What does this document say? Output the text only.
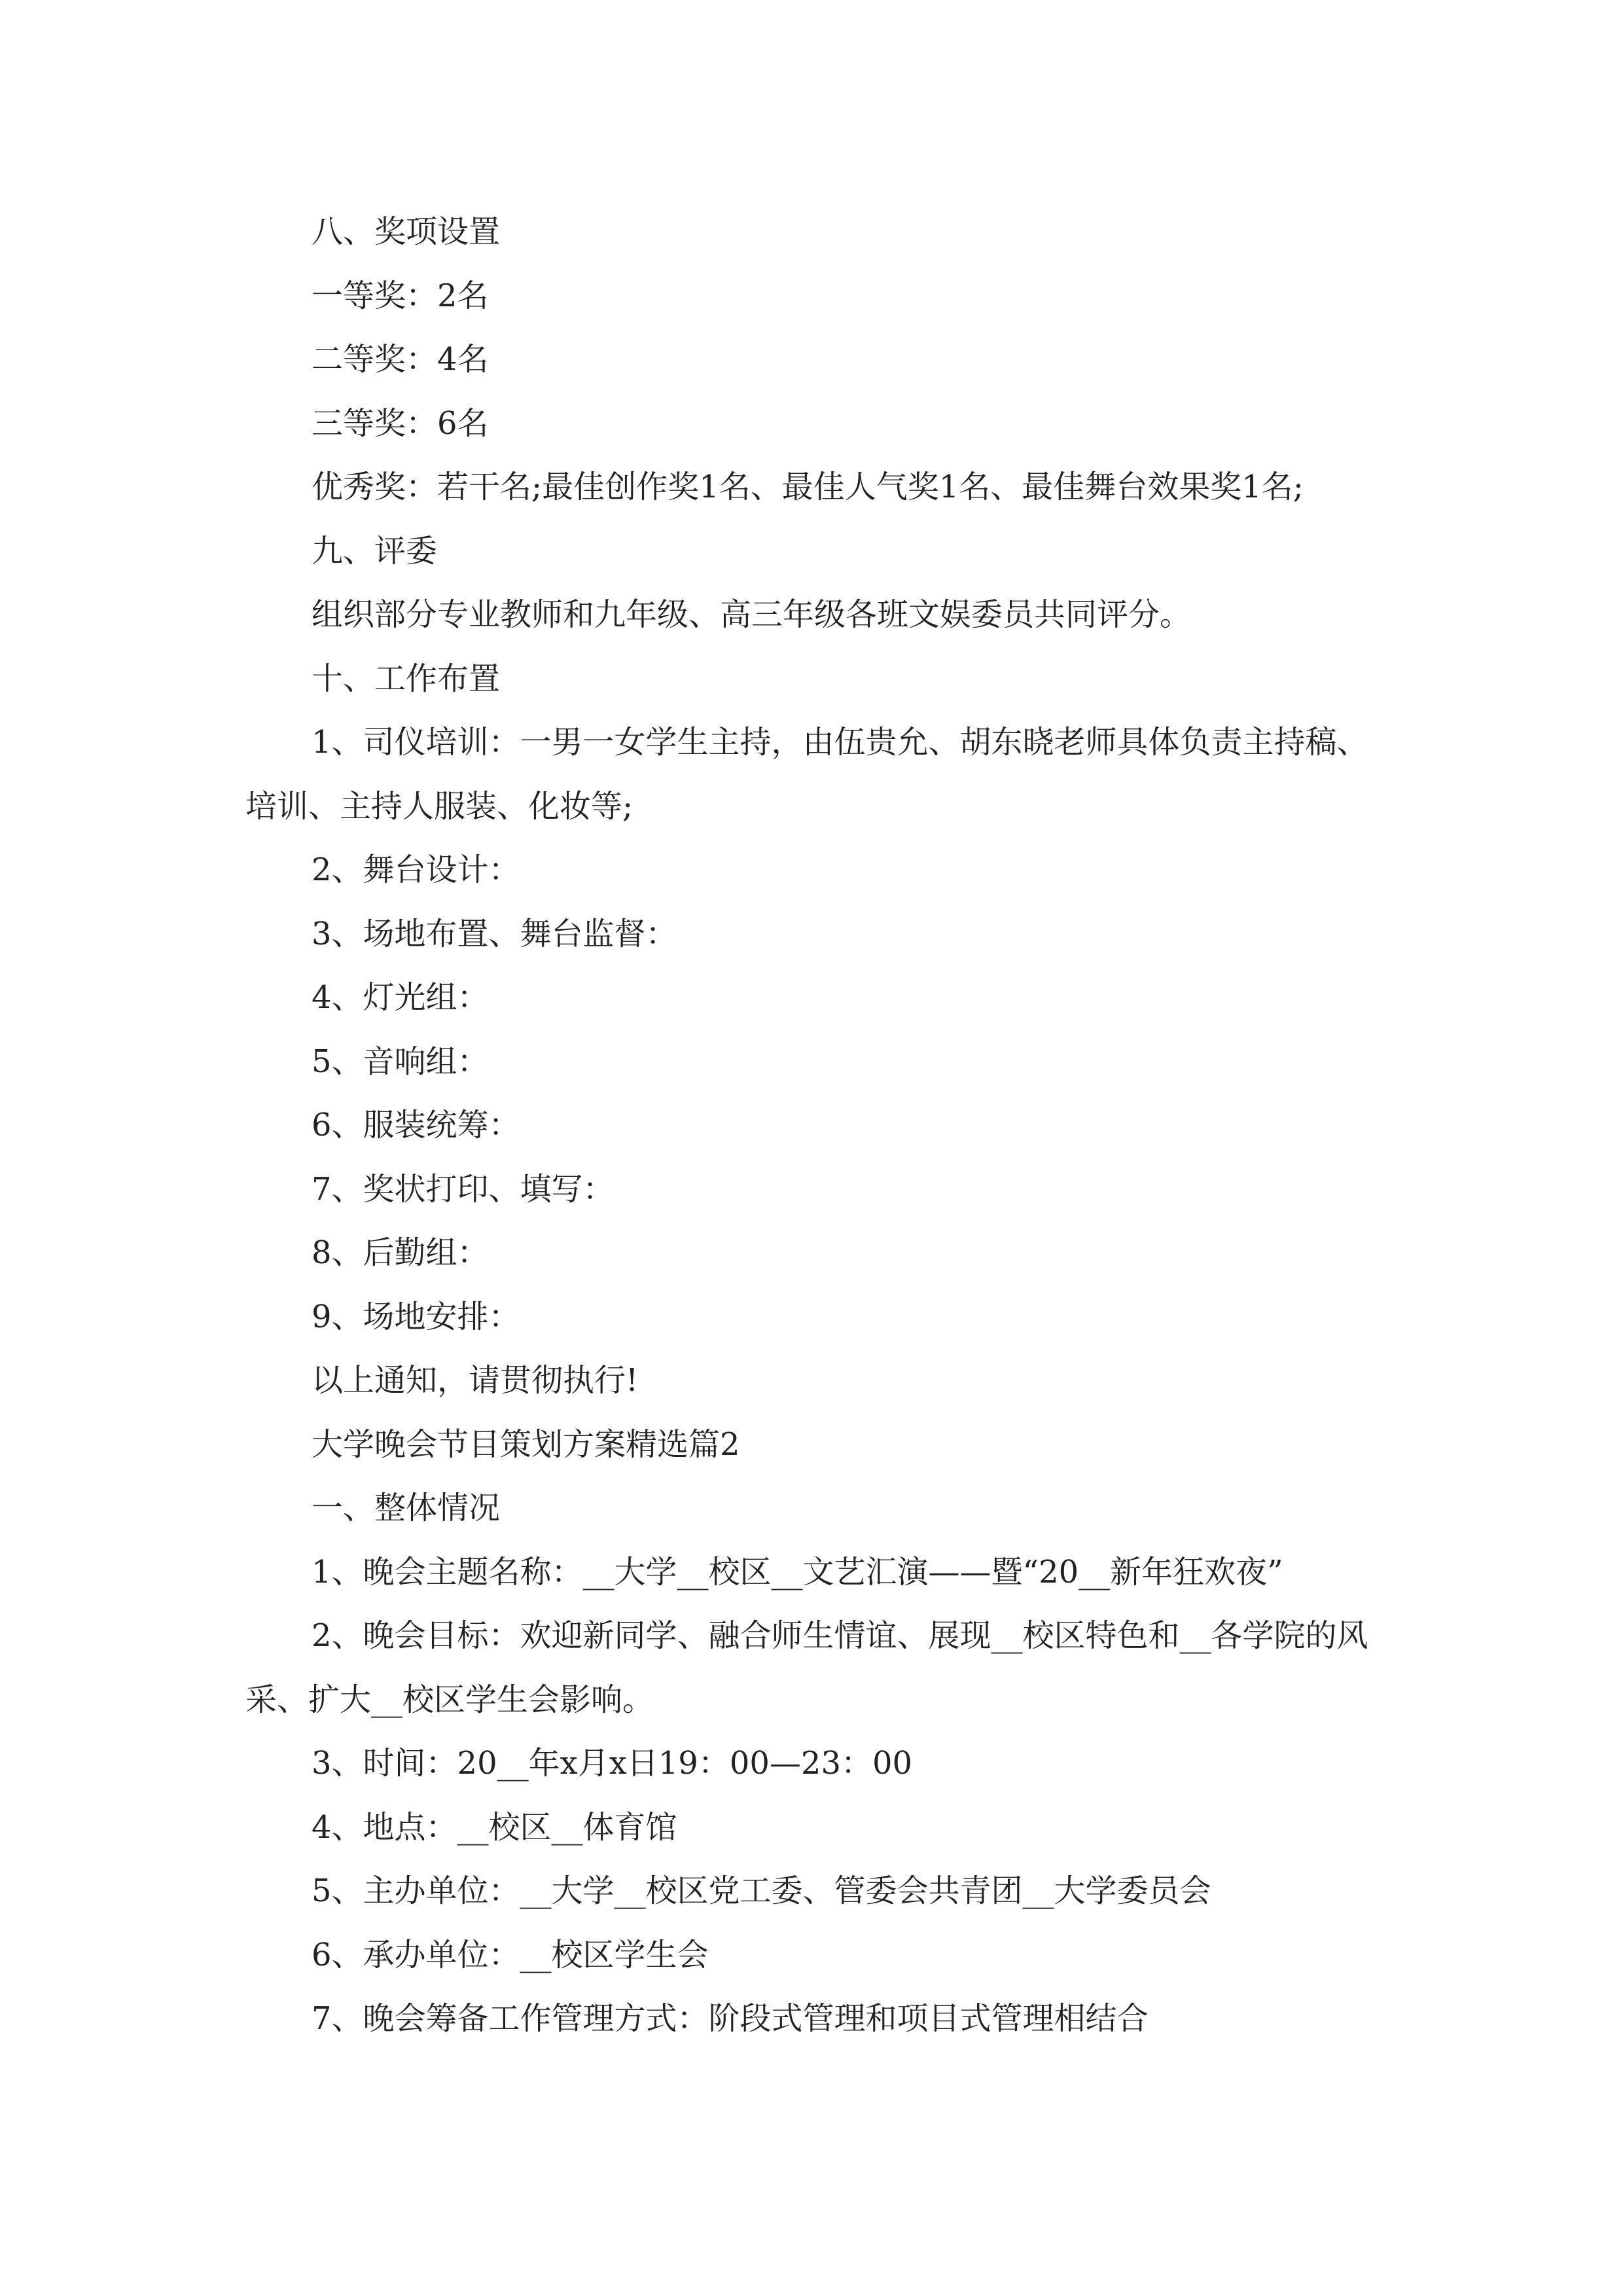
八、奖项设置

一等奖：2名

二等奖：4名

三等奖：6名

优秀奖：若干名;最佳创作奖1名、最佳人气奖1名、最佳舞台效果奖1名;

九、评委

组织部分专业教师和九年级、高三年级各班文娱委员共同评分。

十、工作布置

1、司仪培训：一男一女学生主持，由伍贵允、胡东晓老师具体负责主持稿、培训、主持人服装、化妆等;

2、舞台设计：

3、场地布置、舞台监督：

4、灯光组：

5、音响组：

6、服装统筹：

7、奖状打印、填写：

8、后勤组：

9、场地安排：

以上通知，请贯彻执行!

大学晚会节目策划方案精选篇2

一、整体情况

1、晚会主题名称：__大学__校区__文艺汇演——暨“20__新年狂欢夜”

2、晚会目标：欢迎新同学、融合师生情谊、展现__校区特色和__各学院的风采、扩大__校区学生会影响。

3、时间：20__年x月x日19：00—23：00

4、地点：__校区__体育馆

5、主办单位：__大学__校区党工委、管委会共青团__大学委员会

6、承办单位：__校区学生会

7、晚会筹备工作管理方式：阶段式管理和项目式管理相结合
